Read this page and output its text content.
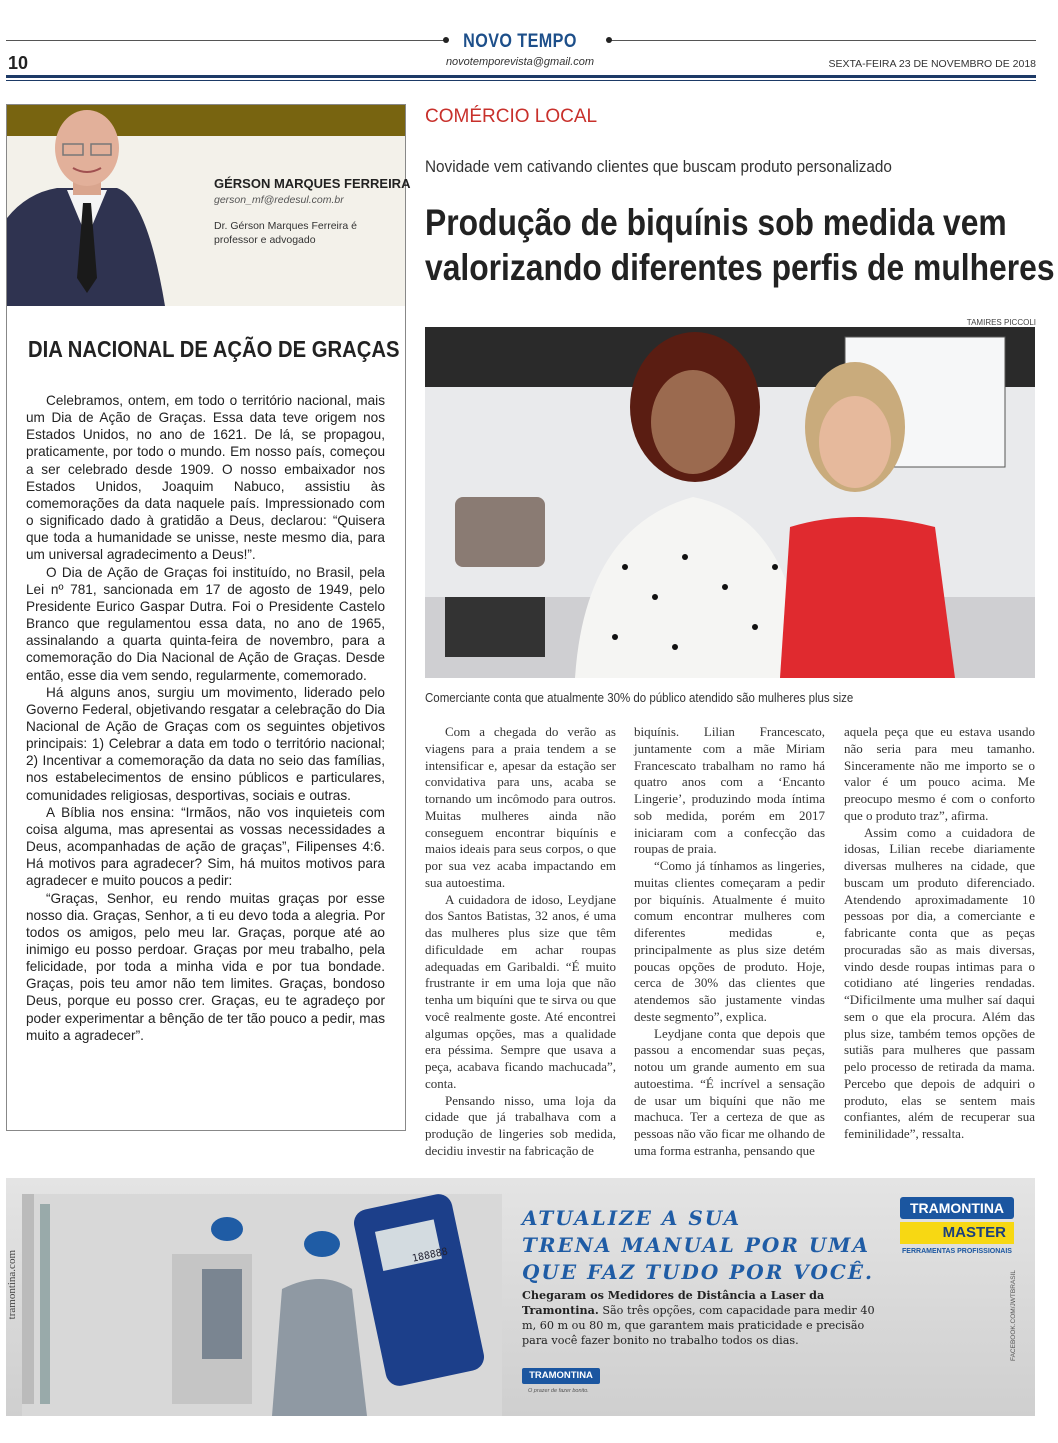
NOVO TEMPO
novotemporevista@gmail.com
10	SEXTA-FEIRA 23 DE NOVEMBRO DE 2018
GÉRSON MARQUES FERREIRA
gerson_mf@redesul.com.br
Dr. Gérson Marques Ferreira é professor e advogado
DIA NACIONAL DE AÇÃO DE GRAÇAS

Celebramos, ontem, em todo o território nacional, mais um Dia de Ação de Graças. Essa data teve origem nos Estados Unidos, no ano de 1621. De lá, se propagou, praticamente, por todo o mundo. Em nosso país, começou a ser celebrado desde 1909. O nosso embaixador nos Estados Unidos, Joaquim Nabuco, assistiu às comemorações da data naquele país. Impressionado com o significado dado à gratidão a Deus, declarou: “Quisera que toda a humanidade se unisse, neste mesmo dia, para um universal agradecimento a Deus!”.

O Dia de Ação de Graças foi instituído, no Brasil, pela Lei nº 781, sancionada em 17 de agosto de 1949, pelo Presidente Eurico Gaspar Dutra. Foi o Presidente Castelo Branco que regulamentou essa data, no ano de 1965, assinalando a quarta quinta-feira de novembro, para a comemoração do Dia Nacional de Ação de Graças. Desde então, esse dia vem sendo, regularmente, comemorado.

Há alguns anos, surgiu um movimento, liderado pelo Governo Federal, objetivando resgatar a celebração do Dia Nacional de Ação de Graças com os seguintes objetivos principais: 1) Celebrar a data em todo o território nacional; 2) Incentivar a comemoração da data no seio das famílias, nos estabelecimentos de ensino públicos e particulares, comunidades religiosas, desportivas, sociais e outras.

A Bíblia nos ensina: “Irmãos, não vos inquieteis com coisa alguma, mas apresentai as vossas necessidades a Deus, acompanhadas de ação de graças”, Filipenses 4:6. Há motivos para agradecer? Sim, há muitos motivos para agradecer e muito poucos a pedir:

“Graças, Senhor, eu rendo muitas graças por esse nosso dia. Graças, Senhor, a ti eu devo toda a alegria. Por todos os amigos, pelo meu lar. Graças, porque até ao inimigo eu posso perdoar. Graças por meu trabalho, pela felicidade, por toda a minha vida e por tua bondade. Graças, pois teu amor não tem limites. Graças, bondoso Deus, porque eu posso crer. Graças, eu te agradeço por poder experimentar a bênção de ter tão pouco a pedir, mas muito a agradecer”.

COMÉRCIO LOCAL
Novidade vem cativando clientes que buscam produto personalizado
Produção de biquínis sob medida vem
valorizando diferentes perfis de mulheres
TAMIRES PICCOLI
Comerciante conta que atualmente 30% do público atendido são mulheres plus size

Com a chegada do verão as viagens para a praia tendem a se intensificar e, apesar da estação ser convidativa para uns, acaba se tornando um incômodo para outros. Muitas mulheres ainda não conseguem encontrar biquínis e maios ideais para seus corpos, o que por sua vez acaba impactando em sua autoestima.

A cuidadora de idoso, Leydjane dos Santos Batistas, 32 anos, é uma das mulheres plus size que têm dificuldade em achar roupas adequadas em Garibaldi. “É muito frustrante ir em uma loja que não tenha um biquíni que te sirva ou que você realmente goste. Até encontrei algumas opções, mas a qualidade era péssima. Sempre que usava a peça, acabava ficando machucada”, conta.

Pensando nisso, uma loja da cidade que já trabalhava com a produção de lingeries sob medida, decidiu investir na fabricação de

biquínis. Lilian Francescato, juntamente com a mãe Miriam Francescato trabalham no ramo há quatro anos com a ‘Encanto Lingerie’, produzindo moda íntima sob medida, porém em 2017 iniciaram com a confecção das roupas de praia.

“Como já tínhamos as lingeries, muitas clientes começaram a pedir por biquínis. Atualmente é muito comum encontrar mulheres com diferentes medidas e, principalmente as plus size detém poucas opções de produto. Hoje, cerca de 30% das clientes que atendemos são justamente vindas deste segmento”, explica.

Leydjane conta que depois que passou a encomendar suas peças, notou um grande aumento em sua autoestima. “É incrível a sensação de usar um biquíni que não me machuca. Ter a certeza de que as pessoas não vão ficar me olhando de uma forma estranha, pensando que

aquela peça que eu estava usando não seria para meu tamanho. Sinceramente não me importo se o valor é um pouco acima. Me preocupo mesmo é com o conforto que o produto traz”, afirma.

Assim como a cuidadora de idosas, Lilian recebe diariamente diversas mulheres na cidade, que buscam um produto diferenciado. Atendendo aproximadamente 10 pessoas por dia, a comerciante e fabricante conta que as peças procuradas são as mais diversas, vindo desde roupas intimas para o cotidiano até lingeries rendadas. “Dificilmente uma mulher saí daqui sem o que ela procura. Além das plus size, também temos opções de sutiãs para mulheres que passam pelo processo de retirada da mama. Percebo que depois de adquiri o produto, elas se sentem mais confiantes, além de recuperar sua feminilidade”, ressalta.

tramontina.com
ATUALIZE A SUA
TRENA MANUAL POR UMA
QUE FAZ TUDO POR VOCÊ.
Chegaram os Medidores de Distância a Laser da Tramontina. São três opções, com capacidade para medir 40 m, 60 m ou 80 m, que garantem mais praticidade e precisão para você fazer bonito no trabalho todos os dias.
TRAMONTINA
MASTER
FERRAMENTAS PROFISSIONAIS
TRAMONTINA
O prazer de fazer bonito.
FACEBOOK.COM/JWTBRASIL
188888
